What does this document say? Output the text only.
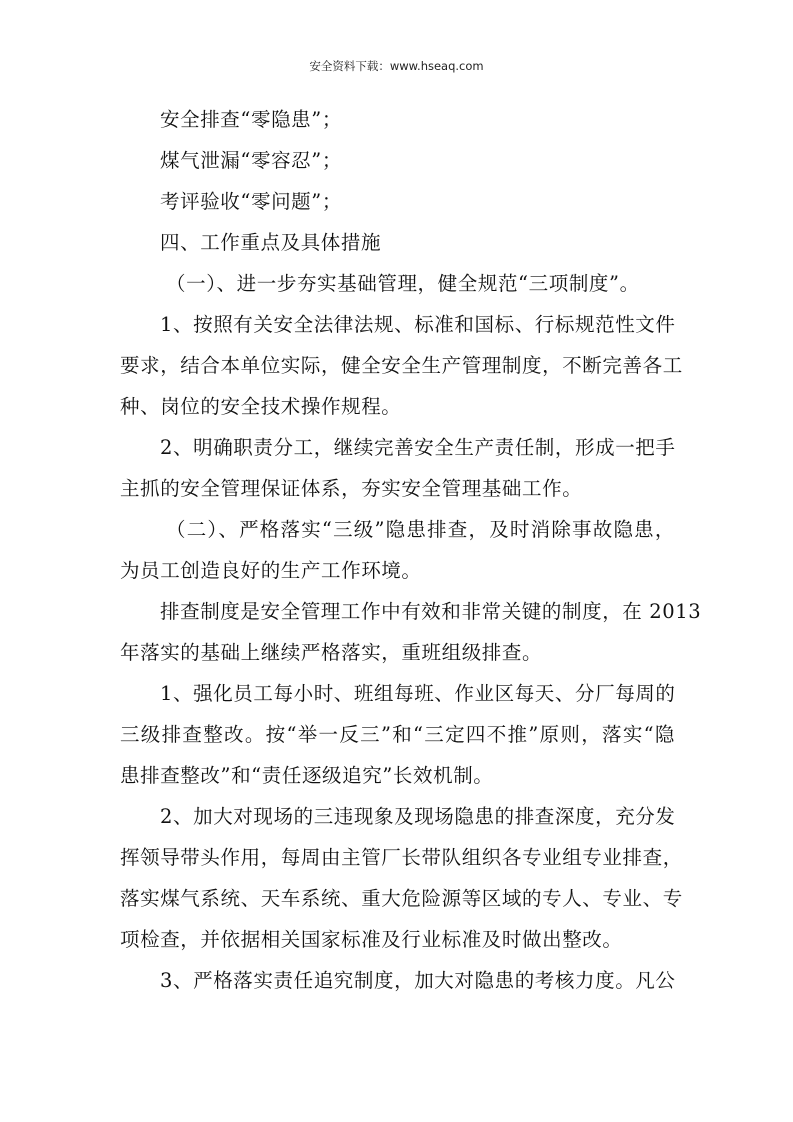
安全资料下载：www.hseaq.com
安全排查“零隐患”；
煤气泄漏“零容忍”；
考评验收“零问题”；
四、工作重点及具体措施
（一）、进一步夯实基础管理，健全规范“三项制度”。
1、按照有关安全法律法规、标准和国标、行标规范性文件
要求，结合本单位实际，健全安全生产管理制度，不断完善各工
种、岗位的安全技术操作规程。
2、明确职责分工，继续完善安全生产责任制，形成一把手
主抓的安全管理保证体系，夯实安全管理基础工作。
（二）、严格落实“三级”隐患排查，及时消除事故隐患，
为员工创造良好的生产工作环境。
排查制度是安全管理工作中有效和非常关键的制度，在 2013
年落实的基础上继续严格落实，重班组级排查。
1、强化员工每小时、班组每班、作业区每天、分厂每周的
三级排查整改。按“举一反三”和“三定四不推”原则，落实“隐
患排查整改”和“责任逐级追究”长效机制。
2、加大对现场的三违现象及现场隐患的排查深度，充分发
挥领导带头作用，每周由主管厂长带队组织各专业组专业排查，
落实煤气系统、天车系统、重大危险源等区域的专人、专业、专
项检查，并依据相关国家标准及行业标准及时做出整改。
3、严格落实责任追究制度，加大对隐患的考核力度。凡公
